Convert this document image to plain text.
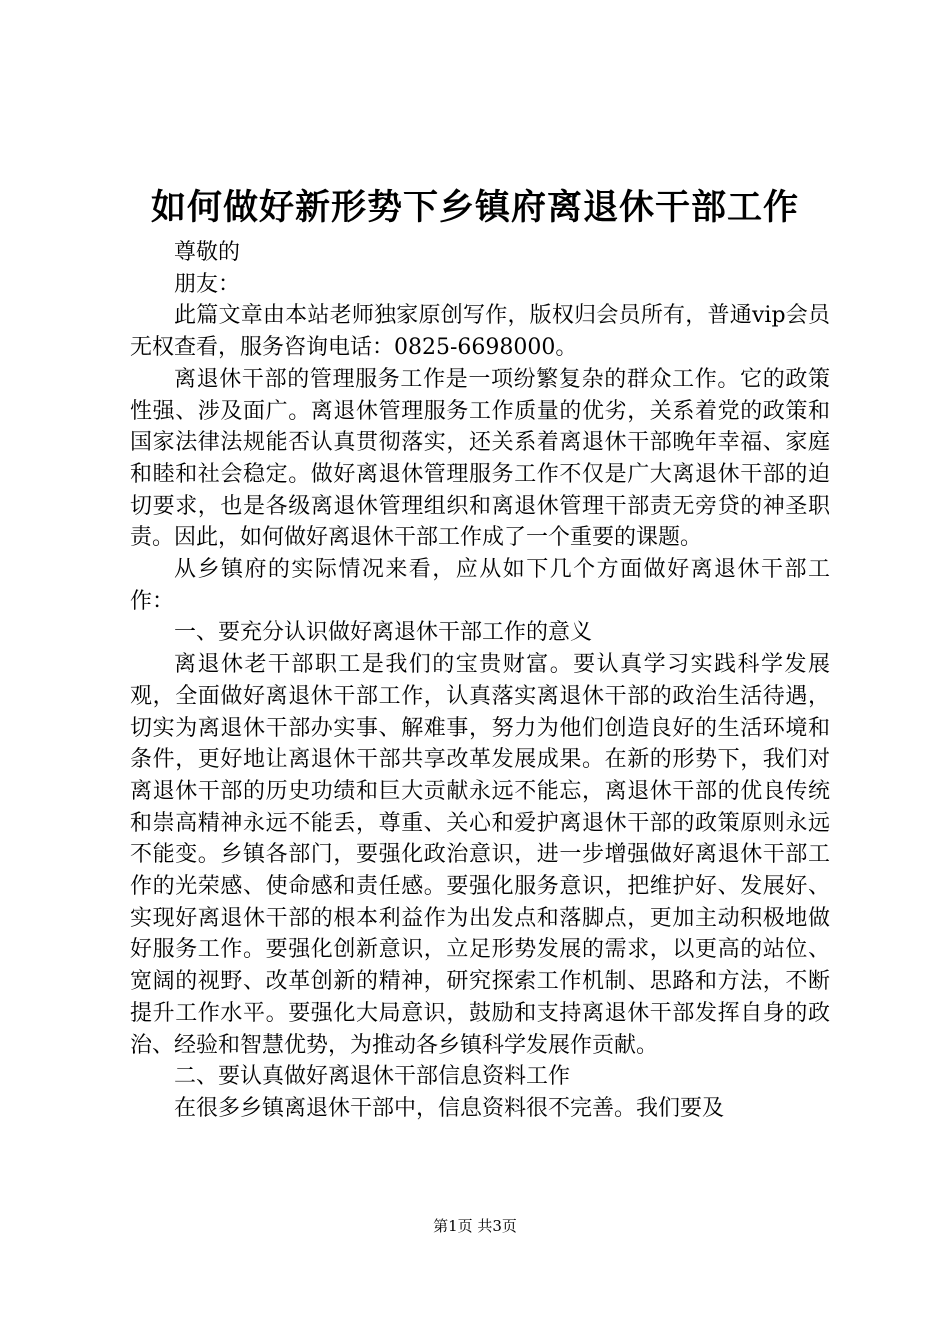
如何做好新形势下乡镇府离退休干部工作

尊敬的

朋友：

此篇文章由本站老师独家原创写作，版权归会员所有，普通vip会员无权查看，服务咨询电话：0825-6698000。

离退休干部的管理服务工作是一项纷繁复杂的群众工作。它的政策性强、涉及面广。离退休管理服务工作质量的优劣，关系着党的政策和国家法律法规能否认真贯彻落实，还关系着离退休干部晚年幸福、家庭和睦和社会稳定。做好离退休管理服务工作不仅是广大离退休干部的迫切要求，也是各级离退休管理组织和离退休管理干部责无旁贷的神圣职责。因此，如何做好离退休干部工作成了一个重要的课题。

从乡镇府的实际情况来看，应从如下几个方面做好离退休干部工作：

一、要充分认识做好离退休干部工作的意义

离退休老干部职工是我们的宝贵财富。要认真学习实践科学发展观，全面做好离退休干部工作，认真落实离退休干部的政治生活待遇，切实为离退休干部办实事、解难事，努力为他们创造良好的生活环境和条件，更好地让离退休干部共享改革发展成果。在新的形势下，我们对离退休干部的历史功绩和巨大贡献永远不能忘，离退休干部的优良传统和崇高精神永远不能丢，尊重、关心和爱护离退休干部的政策原则永远不能变。乡镇各部门，要强化政治意识，进一步增强做好离退休干部工作的光荣感、使命感和责任感。要强化服务意识，把维护好、发展好、实现好离退休干部的根本利益作为出发点和落脚点，更加主动积极地做好服务工作。要强化创新意识，立足形势发展的需求，以更高的站位、宽阔的视野、改革创新的精神，研究探索工作机制、思路和方法，不断提升工作水平。要强化大局意识，鼓励和支持离退休干部发挥自身的政治、经验和智慧优势，为推动各乡镇科学发展作贡献。

二、要认真做好离退休干部信息资料工作

在很多乡镇离退休干部中，信息资料很不完善。我们要及

第1页 共3页
